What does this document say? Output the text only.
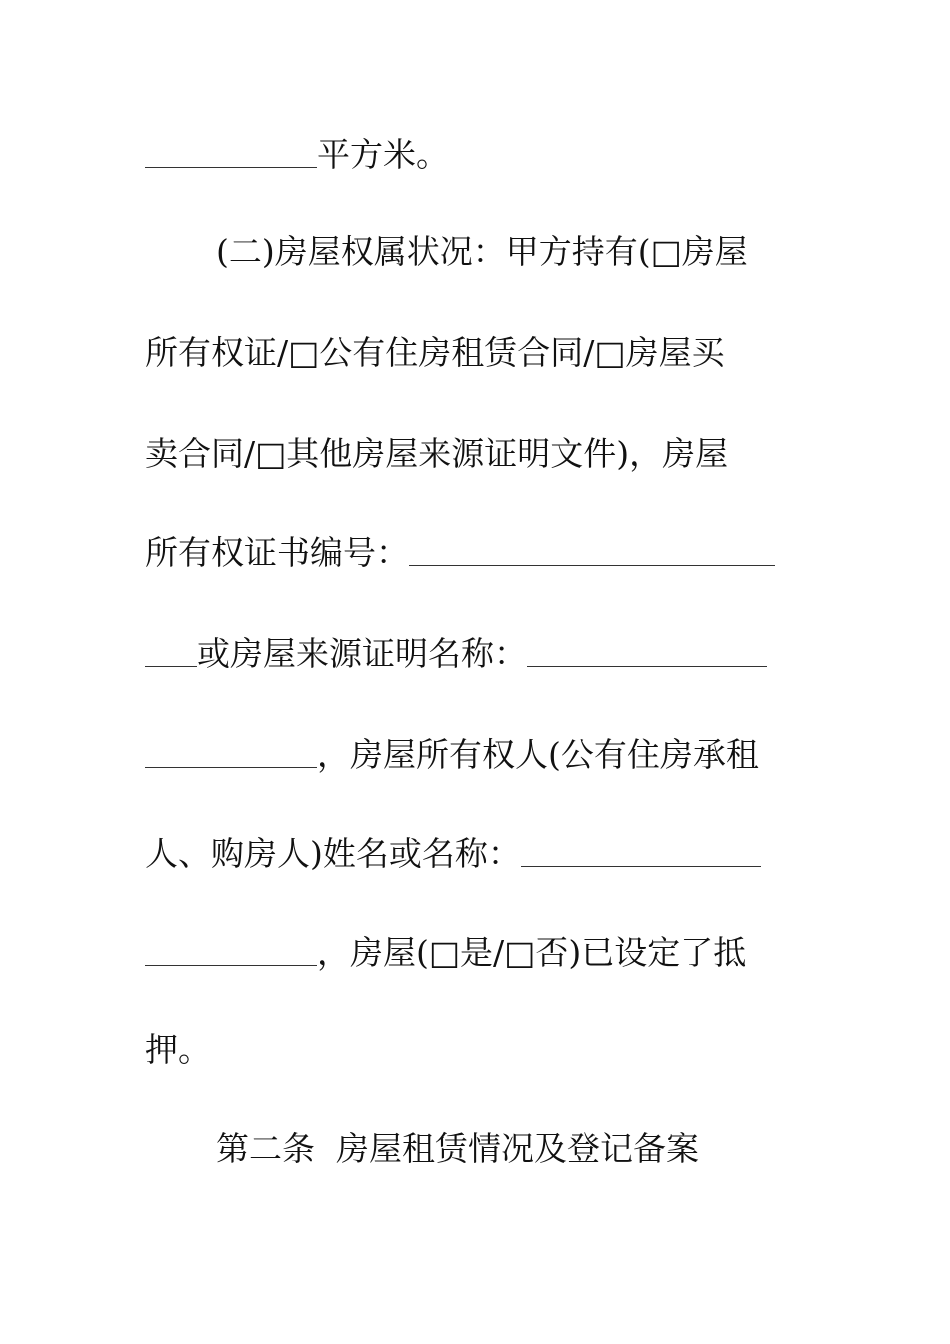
平方米。
(二)房屋权属状况：甲方持有(□房屋
所有权证/□公有住房租赁合同/□房屋买
卖合同/□其他房屋来源证明文件)，房屋
所有权证书编号：
或房屋来源证明名称：
，房屋所有权人(公有住房承租
人、购房人)姓名或名称：
，房屋(□是/□否)已设定了抵
押。
第二条  房屋租赁情况及登记备案
